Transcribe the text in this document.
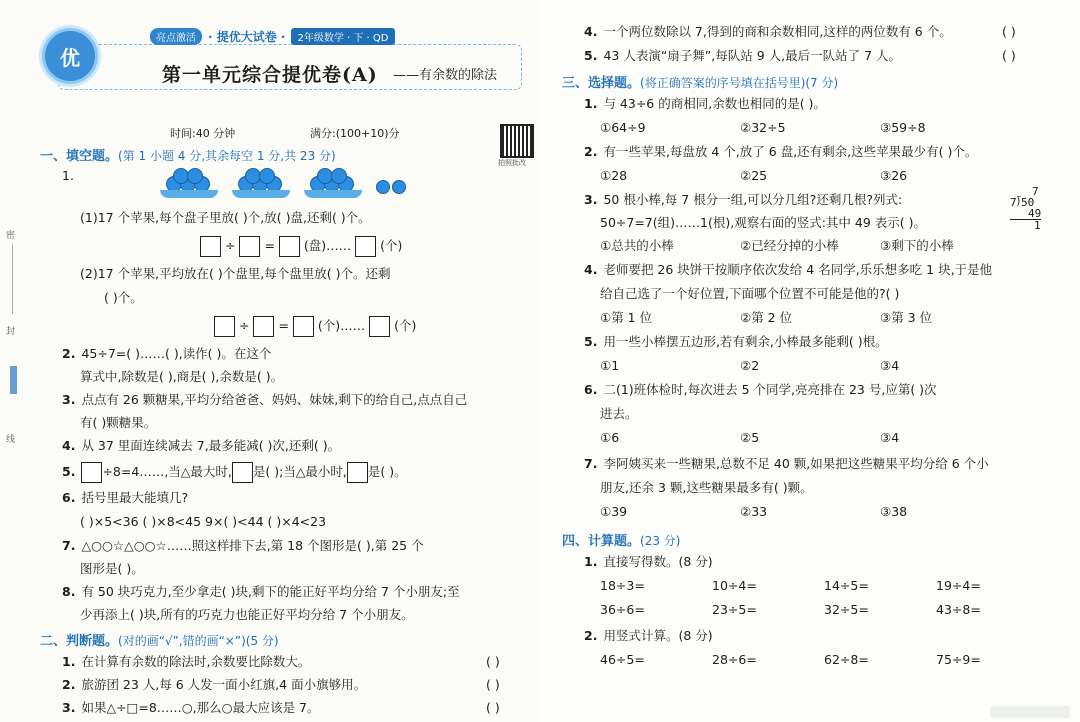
密
封
线
优
亮点激活	· 提优大试卷 ·	2年级数学 · 下 · QD
第一单元综合提优卷(A) ——有余数的除法
时间:40 分钟	满分:(100+10)分
拍照批改
一、填空题。(第 1 小题 4 分,其余每空 1 分,共 23 分)
1.
(1)17 个苹果,每个盘子里放( )个,放( )盘,还剩( )个。
÷ = (盘)…… (个)
(2)17 个苹果,平均放在( )个盘里,每个盘里放( )个。还剩
( )个。
÷ = (个)…… (个)
2. 45÷7=( )……( ),读作( )。在这个
算式中,除数是( ),商是( ),余数是( )。
3. 点点有 26 颗糖果,平均分给爸爸、妈妈、妹妹,剩下的给自己,点点自己
有( )颗糖果。
4. 从 37 里面连续减去 7,最多能减( )次,还剩( )。
5. ÷8=4……,当△最大时, 是( );当△最小时, 是( )。
6. 括号里最大能填几?
( )×5<36 ( )×8<45 9×( )<44 ( )×4<23
7. △○○☆△○○☆……照这样排下去,第 18 个图形是( ),第 25 个
图形是( )。
8. 有 50 块巧克力,至少拿走( )块,剩下的能正好平均分给 7 个小朋友;至
少再添上( )块,所有的巧克力也能正好平均分给 7 个小朋友。
二、判断题。(对的画“√”,错的画“×”)(5 分)
1. 在计算有余数的除法时,余数要比除数大。	( )
2. 旅游团 23 人,每 6 人发一面小红旗,4 面小旗够用。	( )
3. 如果△÷□=8……○,那么○最大应该是 7。	( )
4. 一个两位数除以 7,得到的商和余数相同,这样的两位数有 6 个。	( )
5. 43 人表演“扇子舞”,每队站 9 人,最后一队站了 7 人。	( )
三、选择题。(将正确答案的序号填在括号里)(7 分)
1. 与 43÷6 的商相同,余数也相同的是( )。
①64÷9	②32÷5	③59÷8
2. 有一些苹果,每盘放 4 个,放了 6 盘,还有剩余,这些苹果最少有( )个。
①28	②25	③26
3. 50 根小棒,每 7 根分一组,可以分几组?还剩几根?列式:
50÷7=7(组)……1(根),观察右面的竖式:其中 49 表示( )。
7
7⟌50
49
1
①总共的小棒	②已经分掉的小棒	③剩下的小棒
4. 老师要把 26 块饼干按顺序依次发给 4 名同学,乐乐想多吃 1 块,于是他
给自己选了一个好位置,下面哪个位置不可能是他的?( )
①第 1 位	②第 2 位	③第 3 位
5. 用一些小棒摆五边形,若有剩余,小棒最多能剩( )根。
①1	②2	③4
6. 二(1)班体检时,每次进去 5 个同学,亮亮排在 23 号,应第( )次
进去。
①6	②5	③4
7. 李阿姨买来一些糖果,总数不足 40 颗,如果把这些糖果平均分给 6 个小
朋友,还余 3 颗,这些糖果最多有( )颗。
①39	②33	③38
四、计算题。(23 分)
1. 直接写得数。(8 分)
18÷3=	10÷4=	14÷5=	19÷4=
36÷6=	23÷5=	32÷5=	43÷8=
2. 用竖式计算。(8 分)
46÷5=	28÷6=	62÷8=	75÷9=
